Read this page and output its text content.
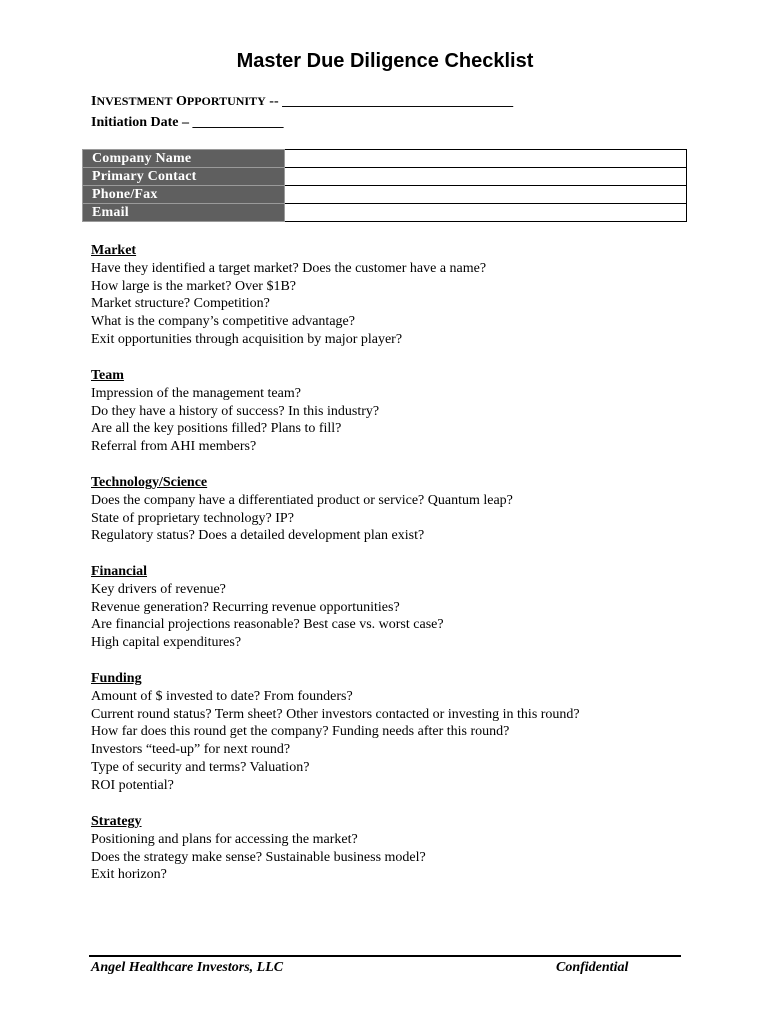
Master Due Diligence Checklist
INVESTMENT OPPORTUNITY -- _________________________________
Initiation Date – _____________
Company Name	
Primary Contact	
Phone/Fax	
Email	
Market
Have they identified a target market? Does the customer have a name?
How large is the market? Over $1B?
Market structure? Competition?
What is the company’s competitive advantage?
Exit opportunities through acquisition by major player?
Team
Impression of the management team?
Do they have a history of success? In this industry?
Are all the key positions filled? Plans to fill?
Referral from AHI members?
Technology/Science
Does the company have a differentiated product or service? Quantum leap?
State of proprietary technology? IP?
Regulatory status? Does a detailed development plan exist?
Financial
Key drivers of revenue?
Revenue generation? Recurring revenue opportunities?
Are financial projections reasonable? Best case vs. worst case?
High capital expenditures?
Funding
Amount of $ invested to date? From founders?
Current round status? Term sheet? Other investors contacted or investing in this round?
How far does this round get the company? Funding needs after this round?
Investors “teed-up” for next round?
Type of security and terms? Valuation?
ROI potential?
Strategy
Positioning and plans for accessing the market?
Does the strategy make sense? Sustainable business model?
Exit horizon?
Angel Healthcare Investors, LLC	Confidential
